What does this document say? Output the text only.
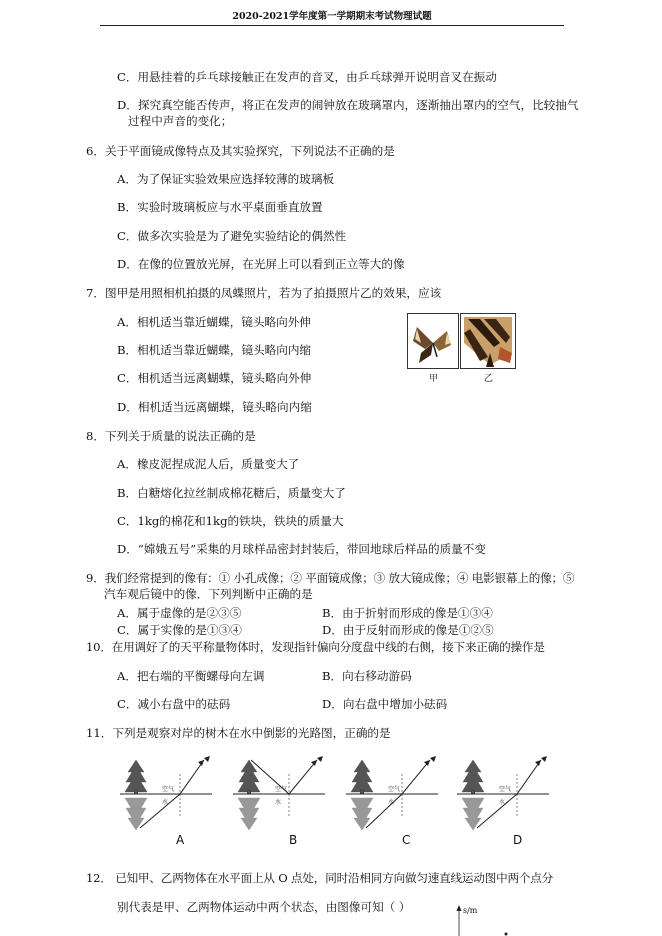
2020-2021学年度第一学期期末考试物理试题
C．用悬挂着的乒乓球接触正在发声的音叉，由乒乓球弹开说明音叉在振动
D．探究真空能否传声，将正在发声的闹钟放在玻璃罩内，逐渐抽出罩内的空气，比较抽气
过程中声音的变化；
6．关于平面镜成像特点及其实验探究，下列说法不正确的是
A．为了保证实验效果应选择较薄的玻璃板
B．实验时玻璃板应与水平桌面垂直放置
C．做多次实验是为了避免实验结论的偶然性
D．在像的位置放光屏，在光屏上可以看到正立等大的像
7．图甲是用照相机拍摄的凤蝶照片，若为了拍摄照片乙的效果，应该
A．相机适当靠近蝴蝶，镜头略向外伸
B．相机适当靠近蝴蝶，镜头略向内缩
C．相机适当远离蝴蝶，镜头略向外伸
D．相机适当远离蝴蝶，镜头略向内缩
甲	乙
8．下列关于质量的说法正确的是
A．橡皮泥捏成泥人后，质量变大了
B．白糖熔化拉丝制成棉花糖后，质量变大了
C．1kg的棉花和1kg的铁块，铁块的质量大
D．“嫦娥五号”采集的月球样品密封封装后，带回地球后样品的质量不变
9．我们经常提到的像有：① 小孔成像；② 平面镜成像；③ 放大镜成像；④ 电影银幕上的像；⑤
汽车观后镜中的像．下列判断中正确的是
A．属于虚像的是②③⑤	B．由于折射而形成的像是①③④
C．属于实像的是①③④	D．由于反射而形成的像是①②⑤
10．在用调好了的天平称量物体时，发现指针偏向分度盘中线的右侧，接下来正确的操作是
A．把右端的平衡螺母向左调	B．向右移动游码
C．减小右盘中的砝码	D．向右盘中增加小砝码
11．下列是观察对岸的树木在水中倒影的光路图，正确的是
空气
水
A
空气
水
B
空气
水
C
空气
水
D
12． 已知甲、乙两物体在水平面上从 O 点处，同时沿相同方向做匀速直线运动图中两个点分
别代表是甲、乙两物体运动中两个状态，由图像可知（ ）	s/m
